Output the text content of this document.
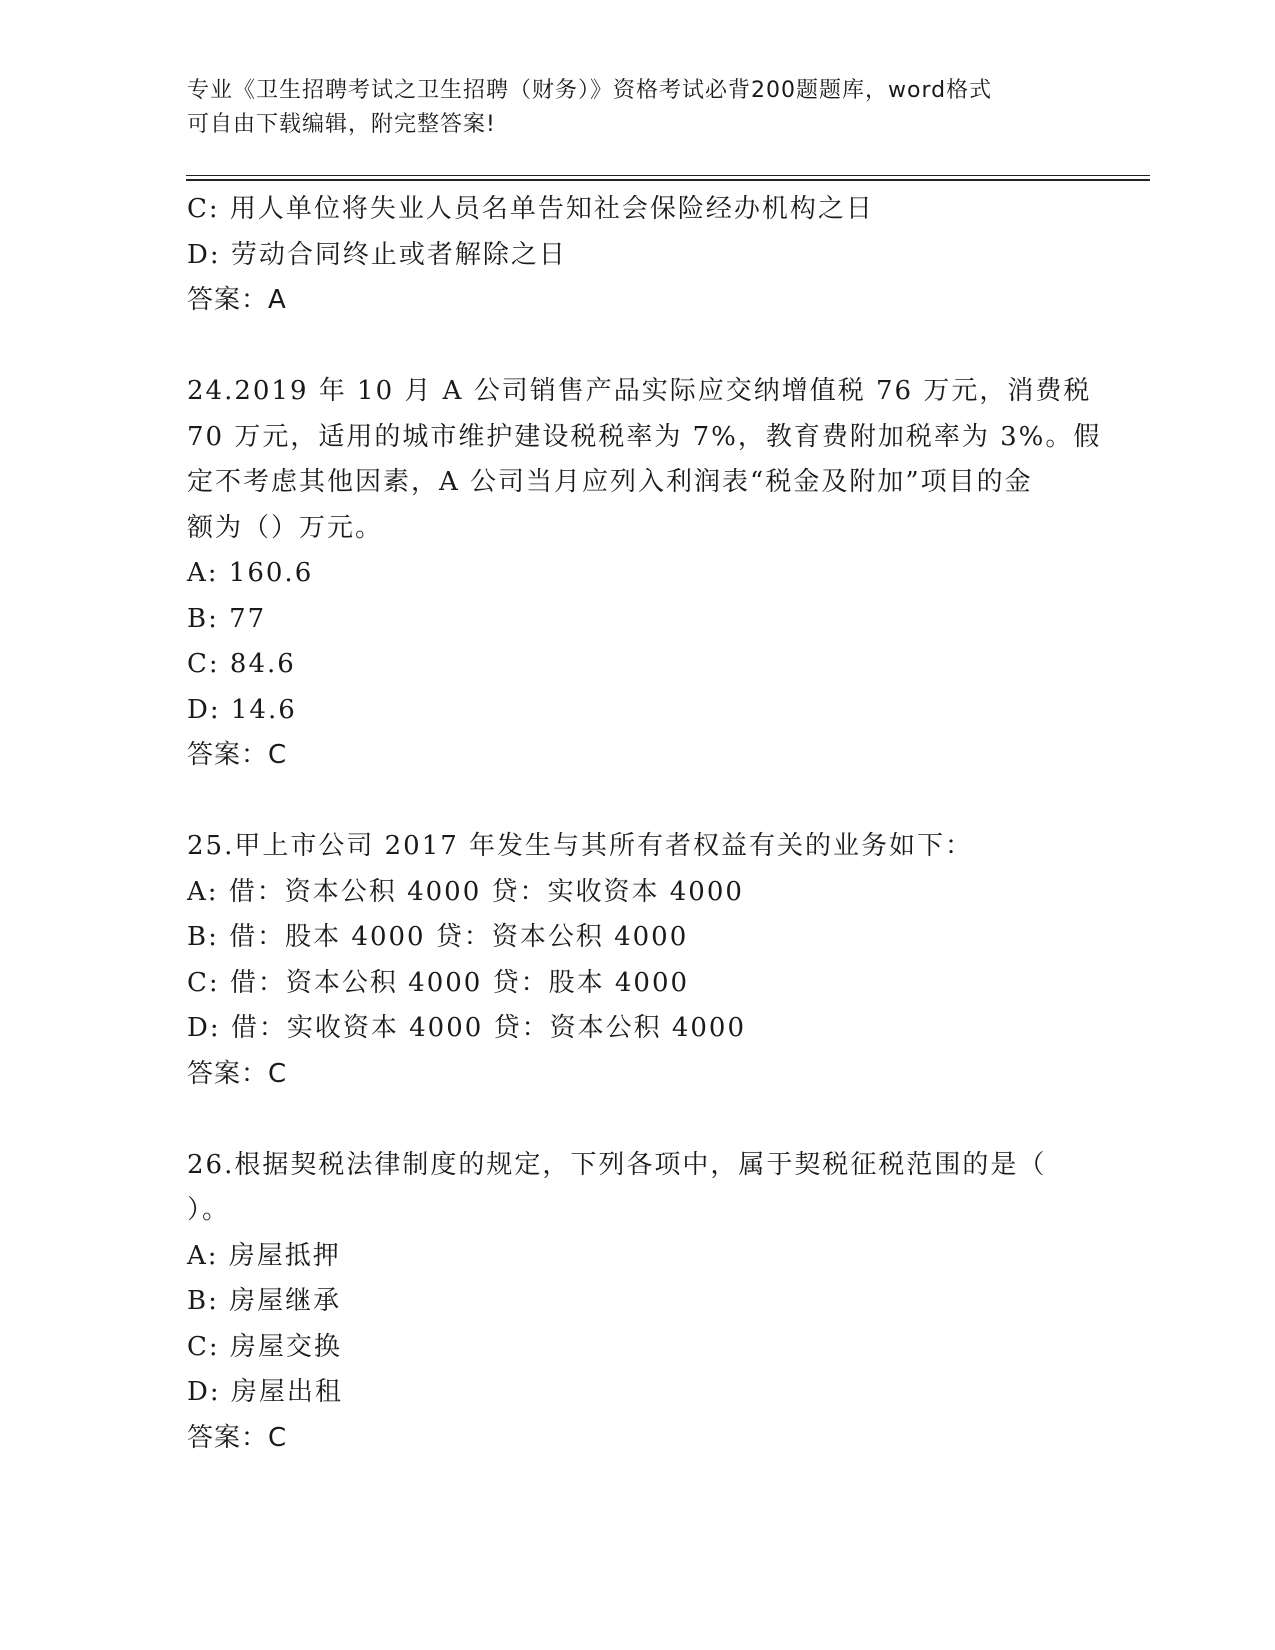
专业《卫生招聘考试之卫生招聘（财务）》资格考试必背200题题库，word格式
可自由下载编辑，附完整答案!
C: 用人单位将失业人员名单告知社会保险经办机构之日
D: 劳动合同终止或者解除之日
答案：A
24.2019 年 10 月 A 公司销售产品实际应交纳增值税 76 万元，消费税
70 万元，适用的城市维护建设税税率为 7%，教育费附加税率为 3%。假
定不考虑其他因素，A 公司当月应列入利润表“税金及附加”项目的金
额为（）万元。
A: 160.6
B: 77
C: 84.6
D: 14.6
答案：C
25.甲上市公司 2017 年发生与其所有者权益有关的业务如下：
A: 借：资本公积 4000 贷：实收资本 4000
B: 借：股本 4000 贷：资本公积 4000
C: 借：资本公积 4000 贷：股本 4000
D: 借：实收资本 4000 贷：资本公积 4000
答案：C
26.根据契税法律制度的规定，下列各项中，属于契税征税范围的是（
）。
A: 房屋抵押
B: 房屋继承
C: 房屋交换
D: 房屋出租
答案：C
